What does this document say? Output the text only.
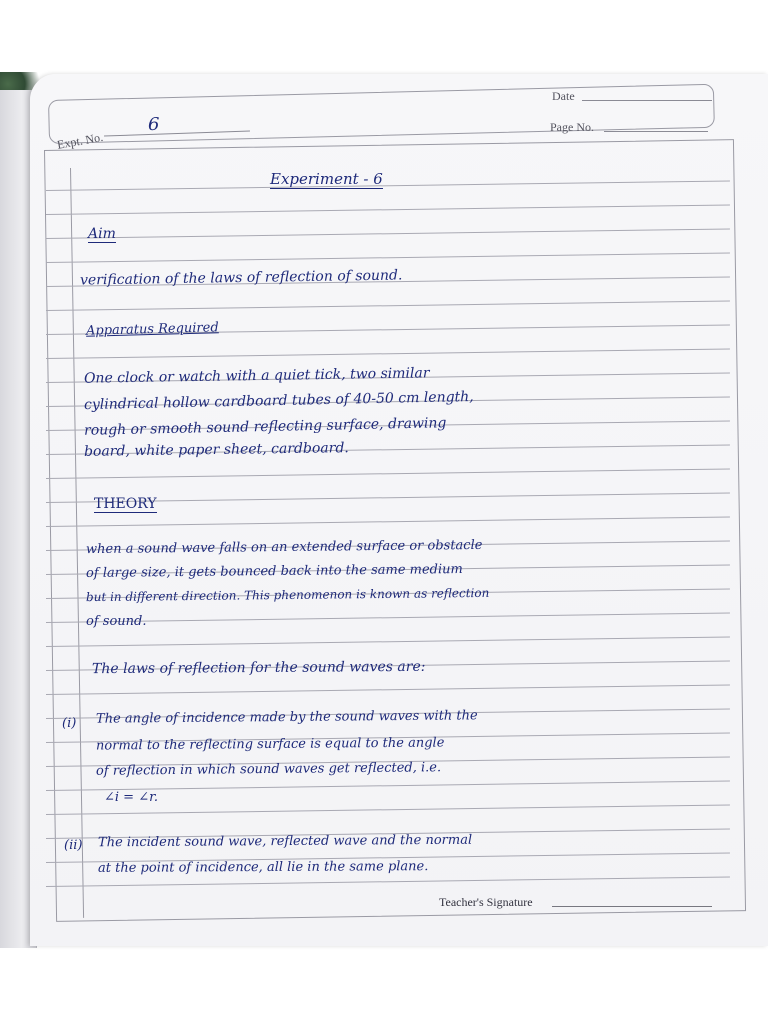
Date
Expt. No.
6	Page No.
Experiment - 6
Aim
verification of the laws of reflection of sound.
Apparatus Required
One clock or watch with a quiet tick, two similar
cylindrical hollow cardboard tubes of 40-50 cm length,
rough or smooth sound reflecting surface, drawing
board, white paper sheet, cardboard.
THEORY
when a sound wave falls on an extended surface or obstacle
of large size, it gets bounced back into the same medium
but in different direction. This phenomenon is known as reflection
of sound.
The laws of reflection for the sound waves are:
(i) The angle of incidence made by the sound waves with the
normal to the reflecting surface is equal to the angle
of reflection in which sound waves get reflected, i.e.
∠i = ∠r.
(ii) The incident sound wave, reflected wave and the normal
at the point of incidence, all lie in the same plane.
Teacher's Signature
